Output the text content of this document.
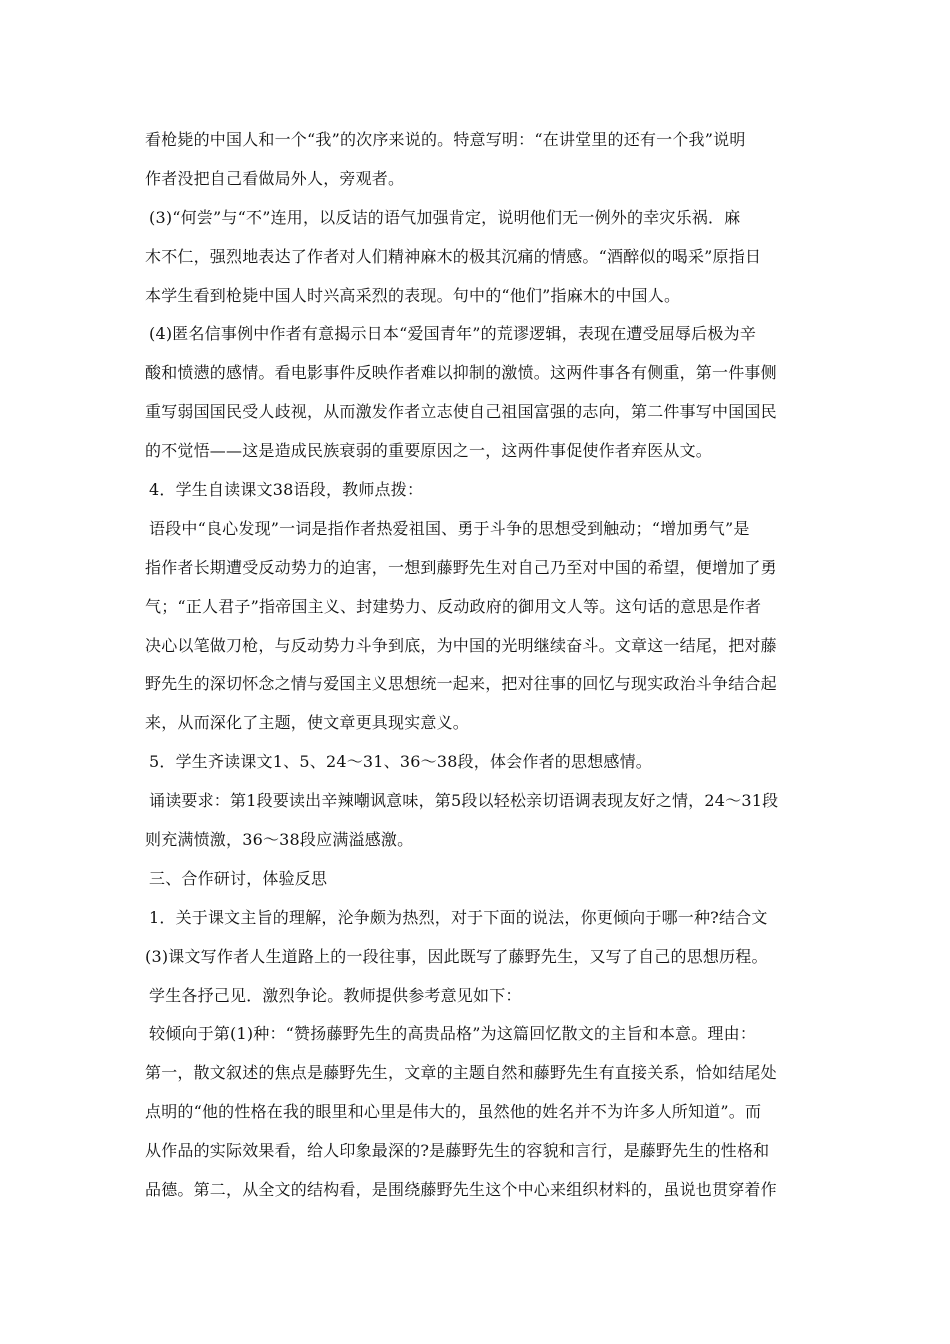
看枪毙的中国人和一个“我”的次序来说的。特意写明：“在讲堂里的还有一个我”说明
作者没把自己看做局外人，旁观者。
(3)“何尝”与“不”连用，以反诘的语气加强肯定，说明他们无一例外的幸灾乐祸．麻
木不仁，强烈地表达了作者对人们精神麻木的极其沉痛的情感。“酒醉似的喝采”原指日
本学生看到枪毙中国人时兴高采烈的表现。句中的“他们”指麻木的中国人。
(4)匿名信事例中作者有意揭示日本“爱国青年”的荒谬逻辑，表现在遭受屈辱后极为辛
酸和愤懑的感情。看电影事件反映作者难以抑制的激愤。这两件事各有侧重，第一件事侧
重写弱国国民受人歧视，从而激发作者立志使自己祖国富强的志向，第二件事写中国国民
的不觉悟——这是造成民族衰弱的重要原因之一，这两件事促使作者弃医从文。
4．学生自读课文38语段，教师点拨：
语段中“良心发现”一词是指作者热爱祖国、勇于斗争的思想受到触动；“增加勇气”是
指作者长期遭受反动势力的迫害，一想到藤野先生对自己乃至对中国的希望，便增加了勇
气；“正人君子”指帝国主义、封建势力、反动政府的御用文人等。这句话的意思是作者
决心以笔做刀枪，与反动势力斗争到底，为中国的光明继续奋斗。文章这一结尾，把对藤
野先生的深切怀念之情与爱国主义思想统一起来，把对往事的回忆与现实政治斗争结合起
来，从而深化了主题，使文章更具现实意义。
5．学生齐读课文1、5、24～31、36～38段，体会作者的思想感情。
诵读要求：第1段要读出辛辣嘲讽意味，第5段以轻松亲切语调表现友好之情，24～31段
则充满愤激，36～38段应满溢感激。
三、合作研讨，体验反思
1．关于课文主旨的理解，沦争颇为热烈，对于下面的说法，你更倾向于哪一种?结合文
(3)课文写作者人生道路上的一段往事，因此既写了藤野先生，又写了自己的思想历程。
学生各抒己见．激烈争论。教师提供参考意见如下：
较倾向于第(1)种：“赞扬藤野先生的高贵品格”为这篇回忆散文的主旨和本意。理由：
第一，散文叙述的焦点是藤野先生，文章的主题自然和藤野先生有直接关系，恰如结尾处
点明的“他的性格在我的眼里和心里是伟大的，虽然他的姓名并不为许多人所知道”。而
从作品的实际效果看，给人印象最深的?是藤野先生的容貌和言行，是藤野先生的性格和
品德。第二，从全文的结构看，是围绕藤野先生这个中心来组织材料的，虽说也贯穿着作
